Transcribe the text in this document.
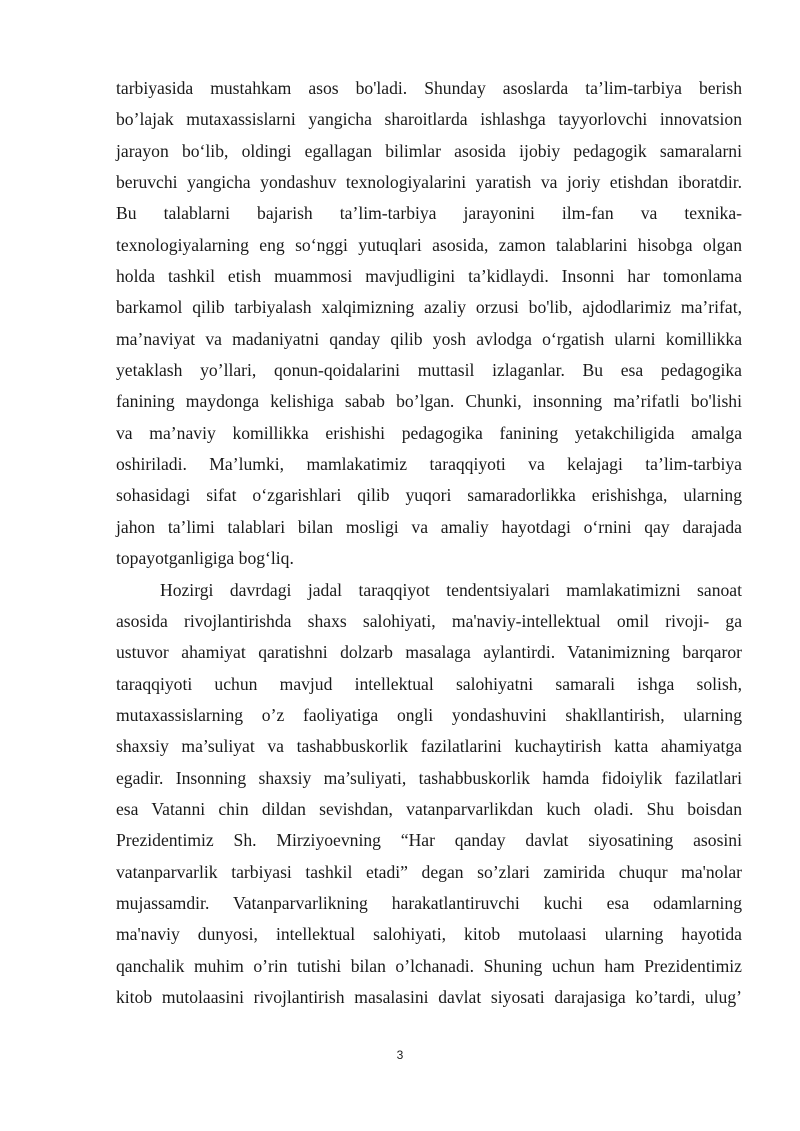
tarbiyasida mustahkam asos bo'ladi. Shunday asoslarda ta’lim-tarbiya berish
bo’lajak mutaxassislarni yangicha sharoitlarda ishlashga tayyorlovchi innovatsion
jarayon bo‘lib, oldingi egallagan bilimlar asosida ijobiy pedagogik samaralarni
beruvchi yangicha yondashuv texnologiyalarini yaratish va joriy etishdan iboratdir.
Bu talablarni bajarish ta’lim-tarbiya jarayonini ilm-fan va texnika-
texnologiyalarning eng so‘nggi yutuqlari asosida, zamon talablarini hisobga olgan
holda tashkil etish muammosi mavjudligini ta’kidlaydi. Insonni har tomonlama
barkamol qilib tarbiyalash xalqimizning azaliy orzusi bo'lib, ajdodlarimiz ma’rifat,
ma’naviyat va madaniyatni qanday qilib yosh avlodga o‘rgatish ularni komillikka
yetaklash yo’llari, qonun-qoidalarini muttasil izlaganlar. Bu esa pedagogika
fanining maydonga kelishiga sabab bo’lgan. Chunki, insonning ma’rifatli bo'lishi
va ma’naviy komillikka erishishi pedagogika fanining yetakchiligida amalga
oshiriladi. Ma’lumki, mamlakatimiz taraqqiyoti va kelajagi ta’lim-tarbiya
sohasidagi sifat o‘zgarishlari qilib yuqori samaradorlikka erishishga, ularning
jahon ta’limi talablari bilan mosligi va amaliy hayotdagi o‘rnini qay darajada
topayotganligiga bog‘liq.
Hozirgi davrdagi jadal taraqqiyot tendentsiyalari mamlakatimizni sanoat
asosida rivojlantirishda shaxs salohiyati, ma'naviy-intellektual omil rivoji- ga
ustuvor ahamiyat qaratishni dolzarb masalaga aylantirdi. Vatanimizning barqaror
taraqqiyoti uchun mavjud intellektual salohiyatni samarali ishga solish,
mutaxassislarning o’z faoliyatiga ongli yondashuvini shakllantirish, ularning
shaxsiy ma’suliyat va tashabbuskorlik fazilatlarini kuchaytirish katta ahamiyatga
egadir. Insonning shaxsiy ma’suliyati, tashabbuskorlik hamda fidoiylik fazilatlari
esa Vatanni chin dildan sevishdan, vatanparvarlikdan kuch oladi. Shu boisdan
Prezidentimiz Sh. Mirziyoevning “Har qanday davlat siyosatining asosini
vatanparvarlik tarbiyasi tashkil etadi” degan so’zlari zamirida chuqur ma'nolar
mujassamdir. Vatanparvarlikning harakatlantiruvchi kuchi esa odamlarning
ma'naviy dunyosi, intellektual salohiyati, kitob mutolaasi ularning hayotida
qanchalik muhim o’rin tutishi bilan o’lchanadi. Shuning uchun ham Prezidentimiz
kitob mutolaasini rivojlantirish masalasini davlat siyosati darajasiga ko’tardi, ulug’
3
